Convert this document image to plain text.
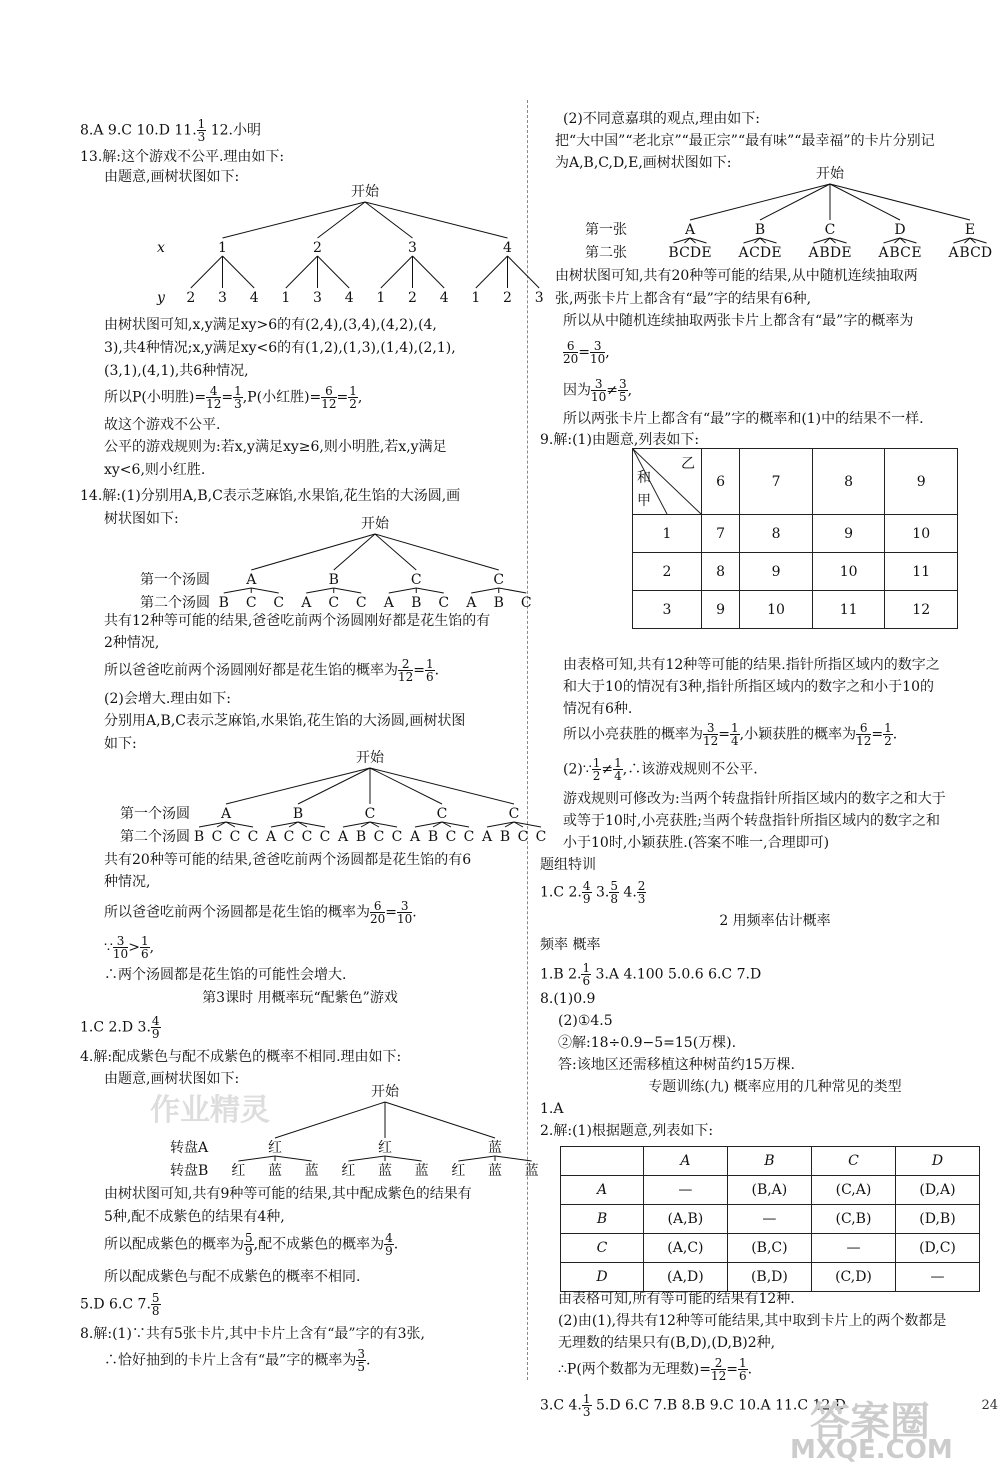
8.A 9.C 10.D 11. $\frac{1}{3} 12$.小明
13.解:这个游戏不公平.理由如下:
由题意,画树状图如下:
开始
x
y
1
2 3 4
2
1 3 4
3
1 2 4
4
1 2 3
由树状图可知,x,y满足xy>6的有(2,4),(3,4),(4,2),(4,
3),共4种情况;x,y满足xy<6的有(1,2),(1,3),(1,4),(2,1),
(3,1),(4,1),共6种情况,
所以P(小明胜)= $\frac{4}{12} = \frac{1}{3} ,P$(小红胜)= $\frac{6}{12} = \frac{1}{2}$ ,
故这个游戏不公平.
公平的游戏规则为:若x,y满足xy≥6,则小明胜,若x,y满足
xy<6,则小红胜.
14.解:(1)分别用A,B,C表示芝麻馅,水果馅,花生馅的大汤圆,画
树状图如下:	开始
第一个汤圆
第二个汤圆
A
B C C
B
A C C
C
A B C
C
A B C
共有12种等可能的结果,爸爸吃前两个汤圆刚好都是花生馅的有
2种情况,
所以爸爸吃前两个汤圆刚好都是花生馅的概率为 $\frac{2}{12} = \frac{1}{6}$ .
(2)会增大.理由如下:
分别用A,B,C表示芝麻馅,水果馅,花生馅的大汤圆,画树状图
如下:
开始
第一个汤圆
第二个汤圆
A
B C C C
B
A C C C
C
A B C C
C
A B C C
C
A B C C
共有20种等可能的结果,爸爸吃前两个汤圆都是花生馅的有6
种情况,
所以爸爸吃前两个汤圆都是花生馅的概率为 $\frac{6}{20} = \frac{3}{10}$ .
∵ $\frac{3}{10} > \frac{1}{6}$ ,
∴两个汤圆都是花生馅的可能性会增大.
第3课时 用概率玩“配紫色”游戏
1.C 2.D 3. $\frac{4}{9}$
4.解:配成紫色与配不成紫色的概率不相同.理由如下:
由题意,画树状图如下:
作业精灵
开始
转盘A
转盘B
红
红 蓝 蓝
红
红 蓝 蓝
蓝
红 蓝 蓝
由树状图可知,共有9种等可能的结果,其中配成紫色的结果有
5种,配不成紫色的结果有4种,
所以配成紫色的概率为 $\frac{5}{9}$ ,配不成紫色的概率为 $\frac{4}{9}$ .
所以配成紫色与配不成紫色的概率不相同.
5.D 6.C 7. $\frac{5}{8}$
8.解:(1)∵共有5张卡片,其中卡片上含有“最”字的有3张,
∴恰好抽到的卡片上含有“最”字的概率为 $\frac{3}{5}$ .
(2)不同意嘉琪的观点,理由如下:
把“大中国”“老北京”“最正宗”“最有味”“最幸福”的卡片分别记
为A,B,C,D,E,画树状图如下:
开始
第一张
第二张
A
B C D E
B
A C D E
C
A B D E
D
A B C E
E
A B C D
由树状图可知,共有20种等可能的结果,从中随机连续抽取两
张,两张卡片上都含有“最”字的结果有6种,
所以从中随机连续抽取两张卡片上都含有“最”字的概率为
$\frac{6}{20} = \frac{3}{10}$ ,
因为 $\frac{3}{10} \ne \frac{3}{5}$ ,
所以两张卡片上都含有“最”字的概率和(1)中的结果不一样.
9.解:(1)由题意,列表如下:
乙
和
甲	6	7	8	9
1	7	8	9	10
2	8	9	10	11
3	9	10	11	12
由表格可知,共有12种等可能的结果.指针所指区域内的数字之
和大于10的情况有3种,指针所指区域内的数字之和小于10的
情况有6种.
所以小亮获胜的概率为 $\frac{3}{12} = \frac{1}{4}$ ,小颖获胜的概率为 $\frac{6}{12} = \frac{1}{2}$ .
(2)∵ $\frac{1}{2} \ne \frac{1}{4}$ ,∴该游戏规则不公平.
游戏规则可修改为:当两个转盘指针所指区域内的数字之和大于
或等于10时,小亮获胜;当两个转盘指针所指区域内的数字之和
小于10时,小颖获胜.(答案不唯一,合理即可)
题组特训
1.C 2. $\frac{4}{9} 3$. $\frac{5}{8} 4$. $\frac{2}{3}$
2 用频率估计概率
频率 概率
1.B 2. $\frac{1}{6} 3.A$ 4.100 5.0.6 6.C 7.D
8.(1)0.9
(2)①4.5
②解:18÷0.9−5=15(万棵).
答:该地区还需移植这种树苗约15万棵.
专题训练(九) 概率应用的几种常见的类型
1.A
2.解:(1)根据题意,列表如下:
	A	B	C	D
A	—	(B,A)	(C,A)	(D,A)
B	(A,B)	—	(C,B)	(D,B)
C	(A,C)	(B,C)	—	(D,C)
D	(A,D)	(B,D)	(C,D)	—
由表格可知,所有等可能的结果有12种.
(2)由(1),得共有12种等可能结果,其中取到卡片上的两个数都是
无理数的结果只有(B,D),(D,B)2种,
∴P(两个数都为无理数)= $\frac{2}{12} = \frac{1}{6}$ .
3.C 4. $\frac{1}{3} 5.D$ 6.C 7.B 8.B 9.C 10.A 11.C 12.D
答案圈
MXQE.COM
24
